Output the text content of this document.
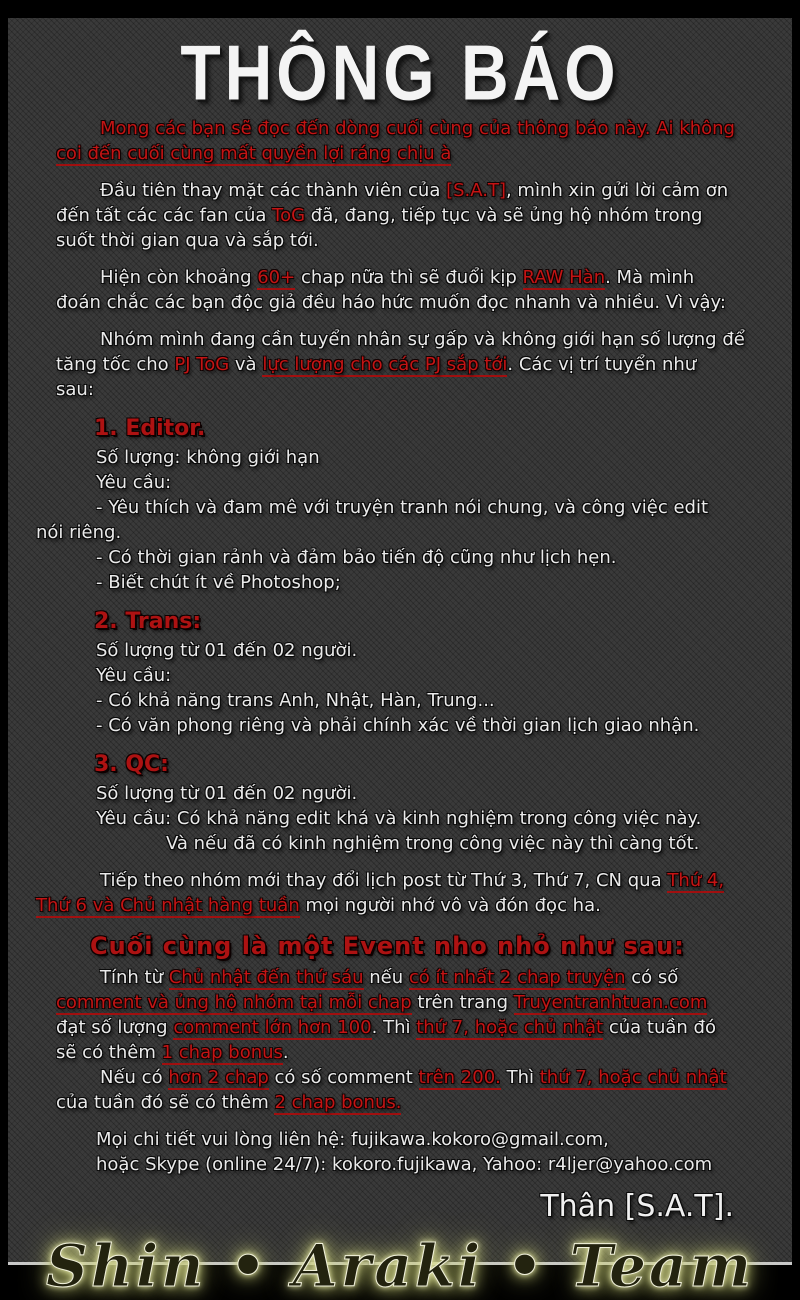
THÔNG BÁO
Mong các bạn sẽ đọc đến dòng cuối cùng của thông báo này. Ai không
coi đến cuối cùng mất quyền lợi ráng chịu à
Đầu tiên thay mặt các thành viên của [S.A.T], mình xin gửi lời cảm ơn
đến tất các các fan của ToG đã, đang, tiếp tục và sẽ ủng hộ nhóm trong
suốt thời gian qua và sắp tới.
Hiện còn khoảng 60+ chap nữa thì sẽ đuổi kịp RAW Hàn. Mà mình
đoán chắc các bạn độc giả đều háo hức muốn đọc nhanh và nhiều. Vì vậy:
Nhóm mình đang cần tuyển nhân sự gấp và không giới hạn số lượng để
tăng tốc cho PJ ToG và lực lượng cho các PJ sắp tới. Các vị trí tuyển như
sau:
1. Editor.
Số lượng: không giới hạn
Yêu cầu:
- Yêu thích và đam mê với truyện tranh nói chung, và công việc edit
nói riêng.
- Có thời gian rảnh và đảm bảo tiến độ cũng như lịch hẹn.
- Biết chút ít về Photoshop;
2. Trans:
Số lượng từ 01 đến 02 người.
Yêu cầu:
- Có khả năng trans Anh, Nhật, Hàn, Trung...
- Có văn phong riêng và phải chính xác về thời gian lịch giao nhận.
3. QC:
Số lượng từ 01 đến 02 người.
Yêu cầu: Có khả năng edit khá và kinh nghiệm trong công việc này.
Và nếu đã có kinh nghiệm trong công việc này thì càng tốt.
Tiếp theo nhóm mới thay đổi lịch post từ Thứ 3, Thứ 7, CN qua Thứ 4,
Thứ 6 và Chủ nhật hàng tuần mọi người nhớ vô và đón đọc ha.
Cuối cùng là một Event nho nhỏ như sau:
Tính từ Chủ nhật đến thứ sáu nếu có ít nhất 2 chap truyện có số
comment và ủng hộ nhóm tại mỗi chap trên trang Truyentranhtuan.com
đạt số lượng comment lớn hơn 100. Thì thứ 7, hoặc chủ nhật của tuần đó
sẽ có thêm 1 chap bonus.
Nếu có hơn 2 chap có số comment trên 200. Thì thứ 7, hoặc chủ nhật
của tuần đó sẽ có thêm 2 chap bonus.
Mọi chi tiết vui lòng liên hệ: fujikawa.kokoro@gmail.com,
hoặc Skype (online 24/7): kokoro.fujikawa, Yahoo: r4ljer@yahoo.com
Thân [S.A.T].
Shin • Araki • Team
